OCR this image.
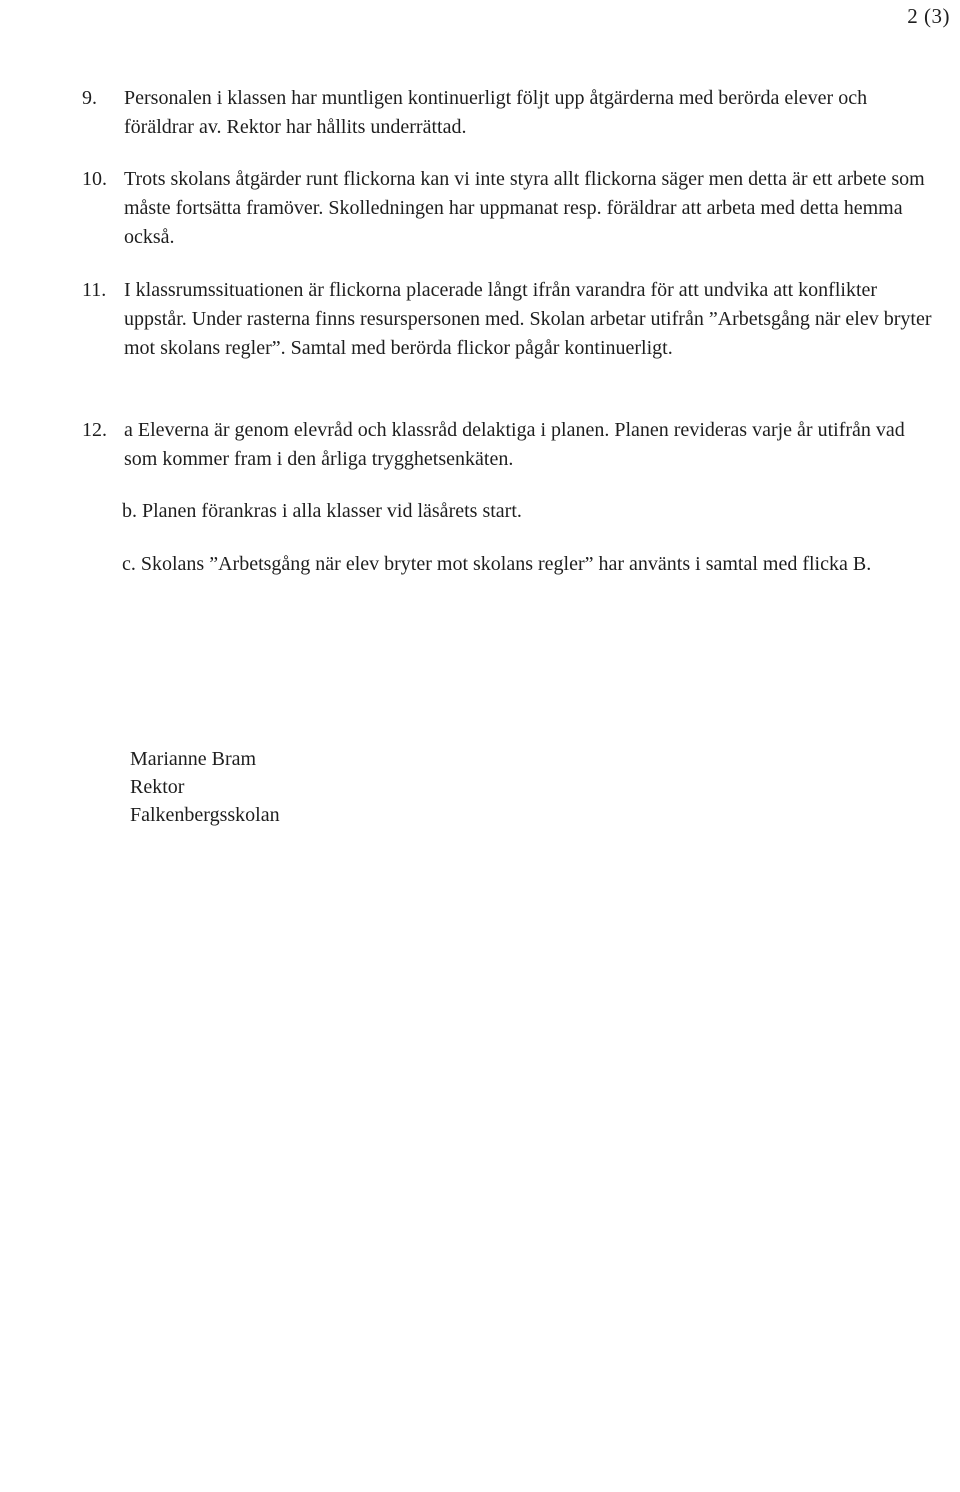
2 (3)
9. Personalen i klassen har muntligen kontinuerligt följt upp åtgärderna med berörda elever och föräldrar av. Rektor har hållits underrättad.
10. Trots skolans åtgärder runt flickorna kan vi inte styra allt flickorna säger men detta är ett arbete som måste fortsätta framöver. Skolledningen har uppmanat resp. föräldrar att arbeta med detta hemma också.
11. I klassrumssituationen är flickorna placerade långt ifrån varandra för att undvika att konflikter uppstår. Under rasterna finns resurspersonen med. Skolan arbetar utifrån ”Arbetsgång när elev bryter mot skolans regler”. Samtal med berörda flickor pågår kontinuerligt.
12. a Eleverna är genom elevråd och klassråd delaktiga i planen. Planen revideras varje år utifrån vad som kommer fram i den årliga trygghetsenkäten.
b. Planen förankras i alla klasser vid läsårets start.
c. Skolans ”Arbetsgång när elev bryter mot skolans regler” har använts i samtal med flicka B.
Marianne Bram
Rektor
Falkenbergsskolan
